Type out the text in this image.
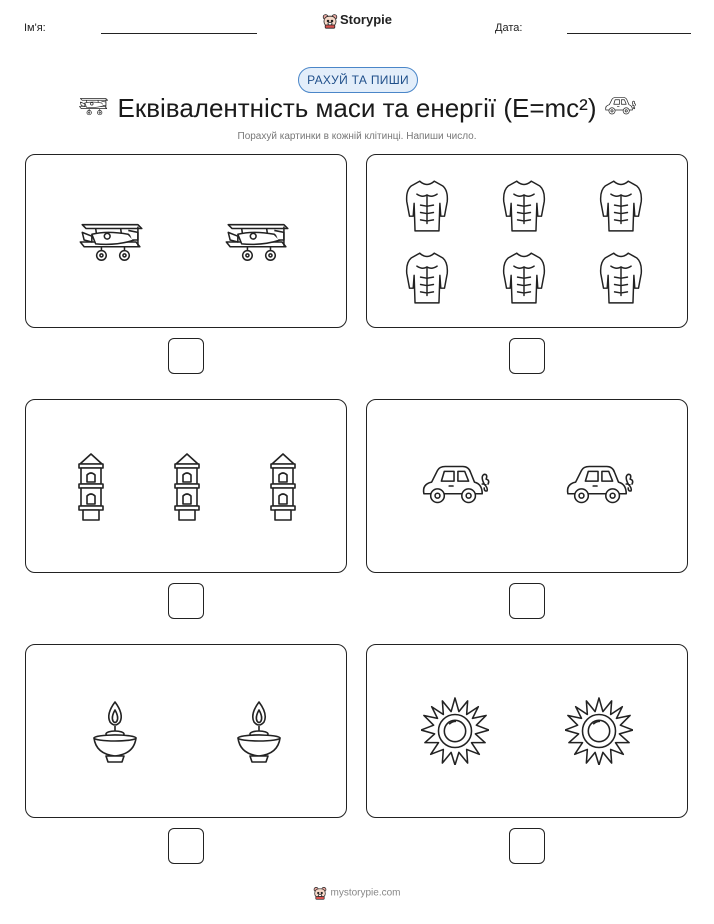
Ім'я:
Storypie
Дата:
РАХУЙ ТА ПИШИ
Еквівалентність маси та енергії (E=mc²)
Порахуй картинки в кожній клітинці. Напиши число.
mystorypie.com
